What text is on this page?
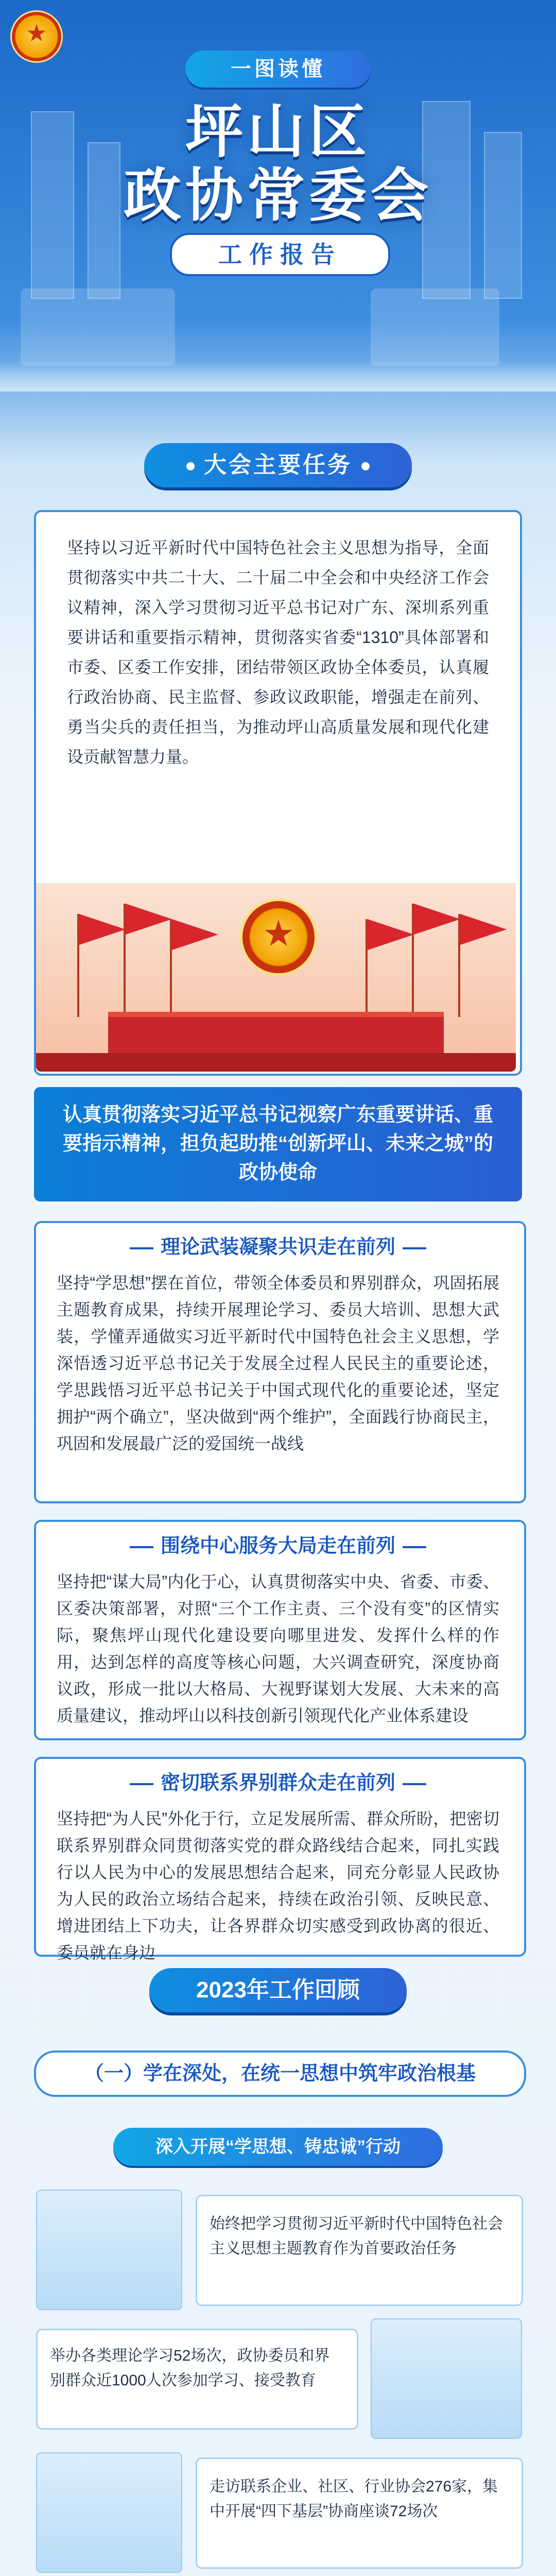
★
一图读懂
坪山区
政协常委会
工作报告
大会主要任务
坚持以习近平新时代中国特色社会主义思想为指导，全面贯彻落实中共二十大、二十届二中全会和中央经济工作会议精神，深入学习贯彻习近平总书记对广东、深圳系列重要讲话和重要指示精神，贯彻落实省委“1310”具体部署和市委、区委工作安排，团结带领区政协全体委员，认真履行政治协商、民主监督、参政议政职能，增强走在前列、勇当尖兵的责任担当，为推动坪山高质量发展和现代化建设贡献智慧力量。
★
认真贯彻落实习近平总书记视察广东重要讲话、重要指示精神，担负起助推“创新坪山、未来之城”的政协使命
理论武装凝聚共识走在前列
坚持“学思想”摆在首位，带领全体委员和界别群众，巩固拓展主题教育成果，持续开展理论学习、委员大培训、思想大武装，学懂弄通做实习近平新时代中国特色社会主义思想，学深悟透习近平总书记关于发展全过程人民民主的重要论述，学思践悟习近平总书记关于中国式现代化的重要论述，坚定拥护“两个确立”，坚决做到“两个维护”，全面践行协商民主，巩固和发展最广泛的爱国统一战线
围绕中心服务大局走在前列
坚持把“谋大局”内化于心，认真贯彻落实中央、省委、市委、区委决策部署，对照“三个工作主责、三个没有变”的区情实际，聚焦坪山现代化建设要向哪里进发、发挥什么样的作用，达到怎样的高度等核心问题，大兴调查研究，深度协商议政，形成一批以大格局、大视野谋划大发展、大未来的高质量建议，推动坪山以科技创新引领现代化产业体系建设
密切联系界别群众走在前列
坚持把“为人民”外化于行，立足发展所需、群众所盼，把密切联系界别群众同贯彻落实党的群众路线结合起来，同扎实践行以人民为中心的发展思想结合起来，同充分彰显人民政协为人民的政治立场结合起来，持续在政治引领、反映民意、增进团结上下功夫，让各界群众切实感受到政协离的很近、委员就在身边
2023年工作回顾
（一）学在深处，在统一思想中筑牢政治根基
深入开展“学思想、铸忠诚”行动
始终把学习贯彻习近平新时代中国特色社会主义思想主题教育作为首要政治任务
举办各类理论学习52场次，政协委员和界别群众近1000人次参加学习、接受教育
走访联系企业、社区、行业协会276家，集中开展“四下基层”协商座谈72场次
